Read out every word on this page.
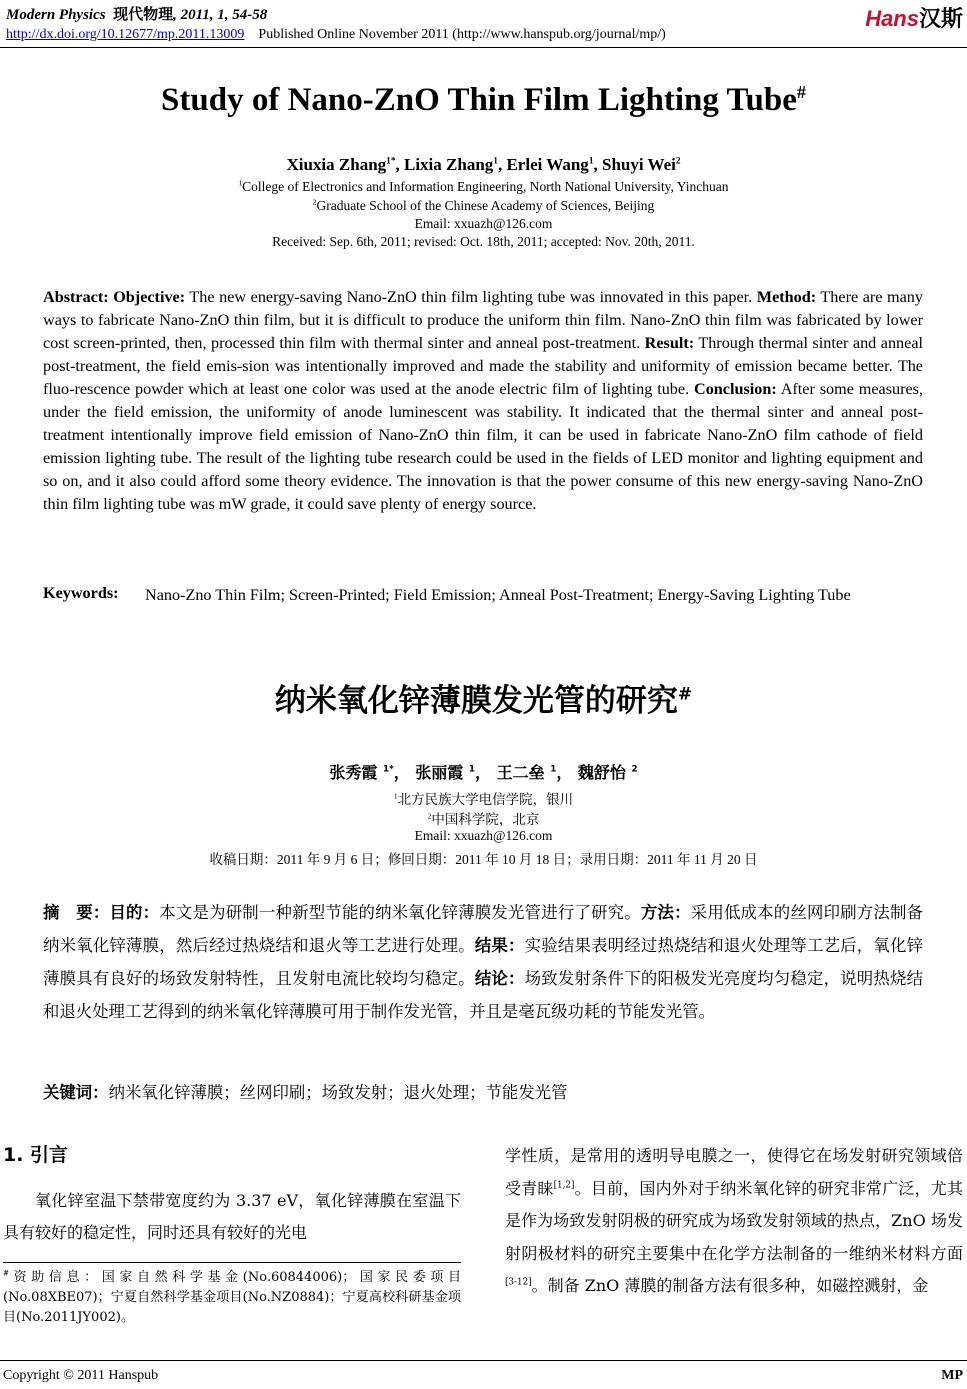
Modern Physics 现代物理, 2011, 1, 54-58	Hans汉斯
http://dx.doi.org/10.12677/mp.2011.13009 Published Online November 2011 (http://www.hanspub.org/journal/mp/)
Study of Nano-ZnO Thin Film Lighting Tube#
Xiuxia Zhang$^{1*}$, Lixia Zhang$^1$, Erlei Wang$^1$, Shuyi Wei$^2$
$^1$College of Electronics and Information Engineering, North National University, Yinchuan
$^2$Graduate School of the Chinese Academy of Sciences, Beijing
Email: xxuazh@126.com
Received: Sep. 6th, 2011; revised: Oct. 18th, 2011; accepted: Nov. 20th, 2011.
Abstract: Objective: The new energy-saving Nano-ZnO thin film lighting tube was innovated in this paper. Method: There are many ways to fabricate Nano-ZnO thin film, but it is difficult to produce the uniform thin film. Nano-ZnO thin film was fabricated by lower cost screen-printed, then, processed thin film with thermal sinter and anneal post-treatment. Result: Through thermal sinter and anneal post-treatment, the field emis-sion was intentionally improved and made the stability and uniformity of emission became better. The fluo-rescence powder which at least one color was used at the anode electric film of lighting tube. Conclusion: After some measures, under the field emission, the uniformity of anode luminescent was stability. It indicated that the thermal sinter and anneal post-treatment intentionally improve field emission of Nano-ZnO thin film, it can be used in fabricate Nano-ZnO film cathode of field emission lighting tube. The result of the lighting tube research could be used in the fields of LED monitor and lighting equipment and so on, and it also could afford some theory evidence. The innovation is that the power consume of this new energy-saving Nano-ZnO thin film lighting tube was mW grade, it could save plenty of energy source.
Keywords: Nano-Zno Thin Film; Screen-Printed; Field Emission; Anneal Post-Treatment; Energy-Saving Lighting Tube
纳米氧化锌薄膜发光管的研究#
张秀霞 $^{1*}$， 张丽霞 $^1$， 王二垒 $^1$， 魏舒怡 $^2$
$^1$北方民族大学电信学院，银川
$^2$中国科学院，北京
Email: xxuazh@126.com
收稿日期：2011 年 9 月 6 日；修回日期：2011 年 10 月 18 日；录用日期：2011 年 11 月 20 日
摘　要：目的：本文是为研制一种新型节能的纳米氧化锌薄膜发光管进行了研究。方法：采用低成本的丝网印刷方法制备纳米氧化锌薄膜，然后经过热烧结和退火等工艺进行处理。结果：实验结果表明经过热烧结和退火处理等工艺后，氧化锌薄膜具有良好的场致发射特性，且发射电流比较均匀稳定。结论：场致发射条件下的阳极发光亮度均匀稳定，说明热烧结和退火处理工艺得到的纳米氧化锌薄膜可用于制作发光管，并且是毫瓦级功耗的节能发光管。
关键词：纳米氧化锌薄膜；丝网印刷；场致发射；退火处理；节能发光管
1. 引言
氧化锌室温下禁带宽度约为 3.37 eV，氧化锌薄膜在室温下具有较好的稳定性，同时还具有较好的光电
#资助信息：国家自然科学基金(No.60844006)；国家民委项目(No.08XBE07)；宁夏自然科学基金项目(No.NZ0884)；宁夏高校科研基金项目(No.2011JY002)。
学性质，是常用的透明导电膜之一，使得它在场发射研究领域倍受青睐[1,2]。目前，国内外对于纳米氧化锌的研究非常广泛，尤其是作为场致发射阴极的研究成为场致发射领域的热点，ZnO 场发射阴极材料的研究主要集中在化学方法制备的一维纳米材料方面[3-12]。制备 ZnO 薄膜的制备方法有很多种，如磁控溅射，金
Copyright © 2011 Hanspub	MP
